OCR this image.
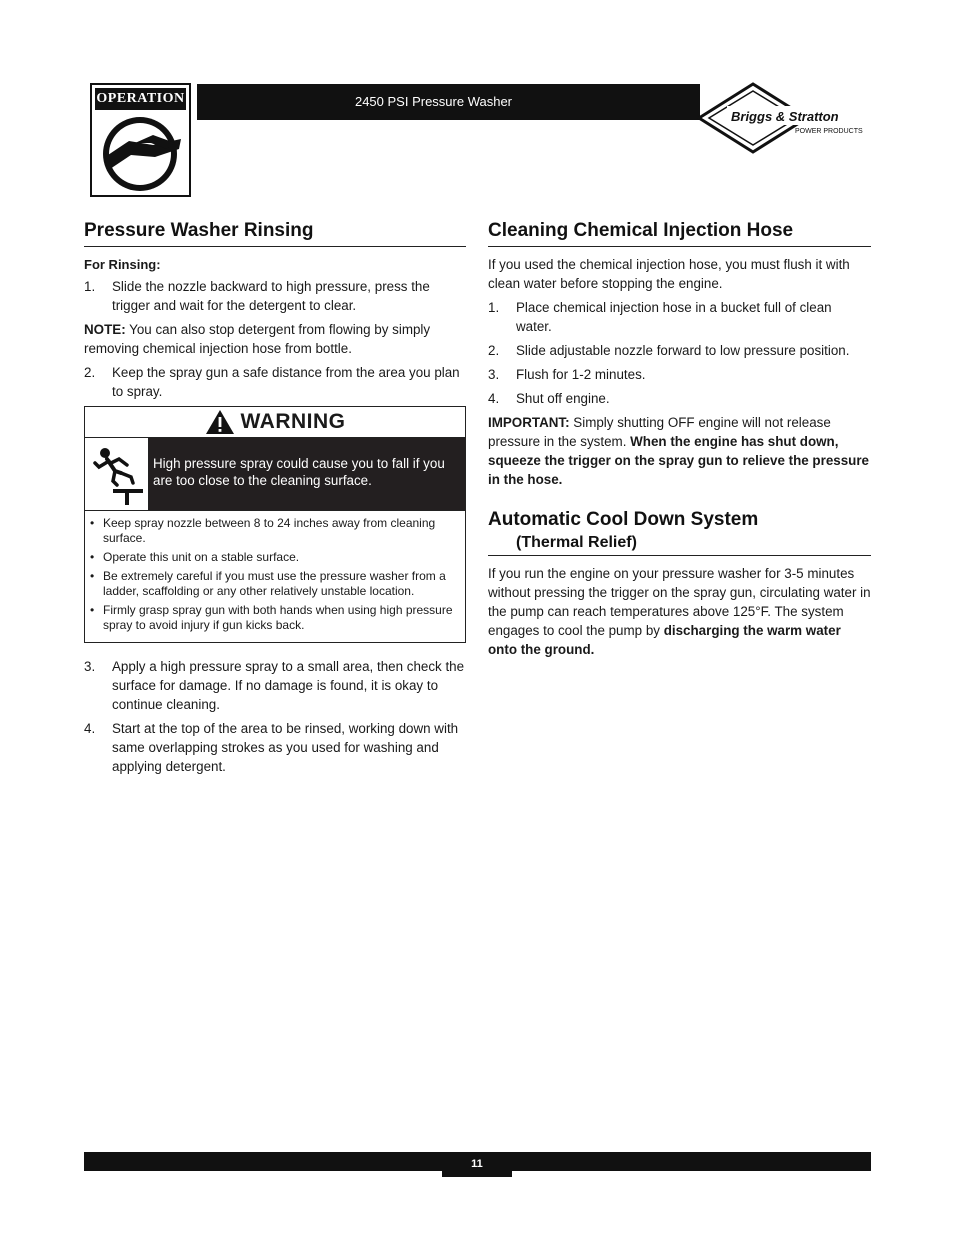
OPERATION	2450 PSI Pressure Washer
Briggs & Stratton
POWER PRODUCTS
Pressure Washer Rinsing
For Rinsing:
1.	Slide the nozzle backward to high pressure, press the trigger and wait for the detergent to clear.
NOTE: You can also stop detergent from flowing by simply removing chemical injection hose from bottle.
2.	Keep the spray gun a safe distance from the area you plan to spray.
WARNING
High pressure spray could cause you to fall if you are too close to the cleaning surface.
• Keep spray nozzle between 8 to 24 inches away from cleaning surface.
• Operate this unit on a stable surface.
• Be extremely careful if you must use the pressure washer from a ladder, scaffolding or any other relatively unstable location.
• Firmly grasp spray gun with both hands when using high pressure spray to avoid injury if gun kicks back.
3.	Apply a high pressure spray to a small area, then check the surface for damage. If no damage is found, it is okay to continue cleaning.
4.	Start at the top of the area to be rinsed, working down with same overlapping strokes as you used for washing and applying detergent.
Cleaning Chemical Injection Hose
If you used the chemical injection hose, you must flush it with clean water before stopping the engine.
1.	Place chemical injection hose in a bucket full of clean water.
2.	Slide adjustable nozzle forward to low pressure position.
3.	Flush for 1-2 minutes.
4.	Shut off engine.
IMPORTANT: Simply shutting OFF engine will not release pressure in the system. When the engine has shut down, squeeze the trigger on the spray gun to relieve the pressure in the hose.
Automatic Cool Down System
(Thermal Relief)
If you run the engine on your pressure washer for 3-5 minutes without pressing the trigger on the spray gun, circulating water in the pump can reach temperatures above 125°F. The system engages to cool the pump by discharging the warm water onto the ground.
11
